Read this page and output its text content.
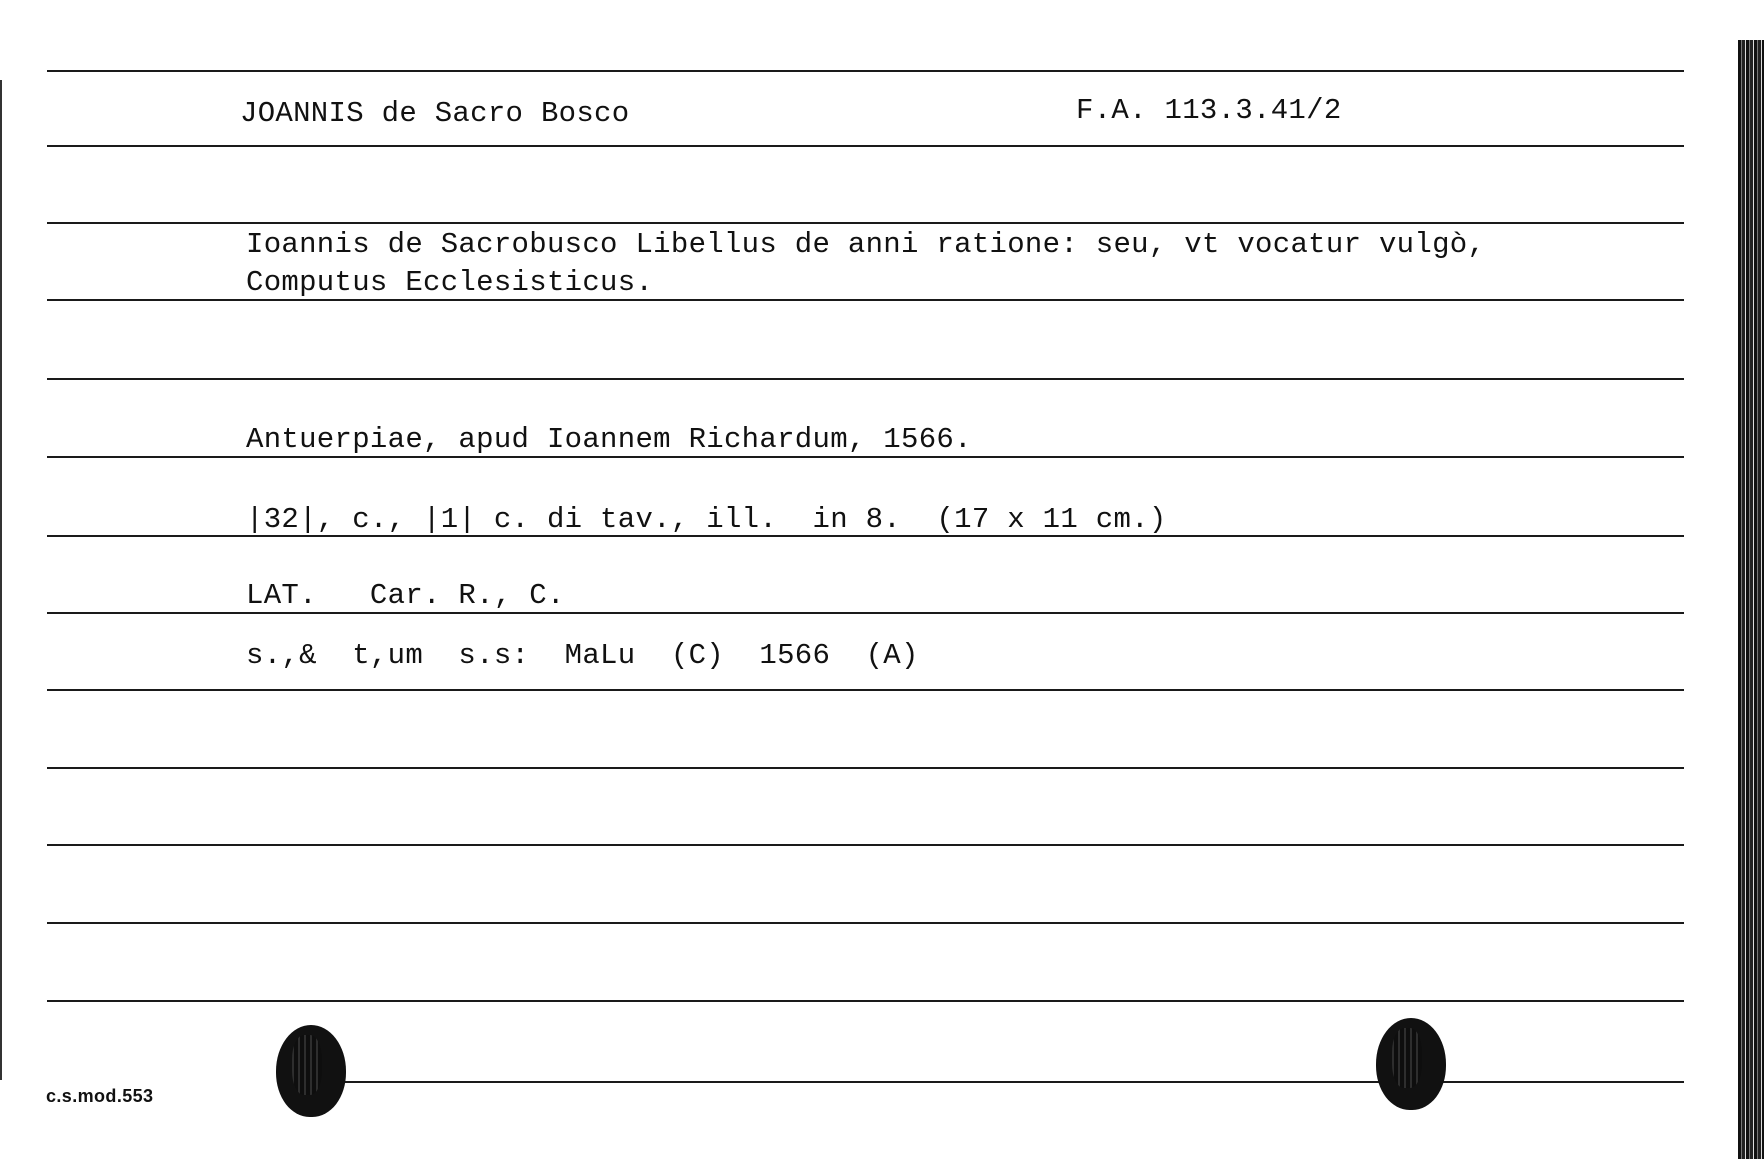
JOANNIS de Sacro Bosco	F.A. 113.3.41/2
Ioannis de Sacrobusco Libellus de anni ratione: seu, vt vocatur vulgò,
Computus Ecclesisticus.
Antuerpiae, apud Ioannem Richardum, 1566.
|32|, c., |1| c. di tav., ill.  in 8.  (17 x 11 cm.)
LAT.   Car. R., C.
s.,&  t,um  s.s:  MaLu  (C)  1566  (A)
c.s.mod.553
